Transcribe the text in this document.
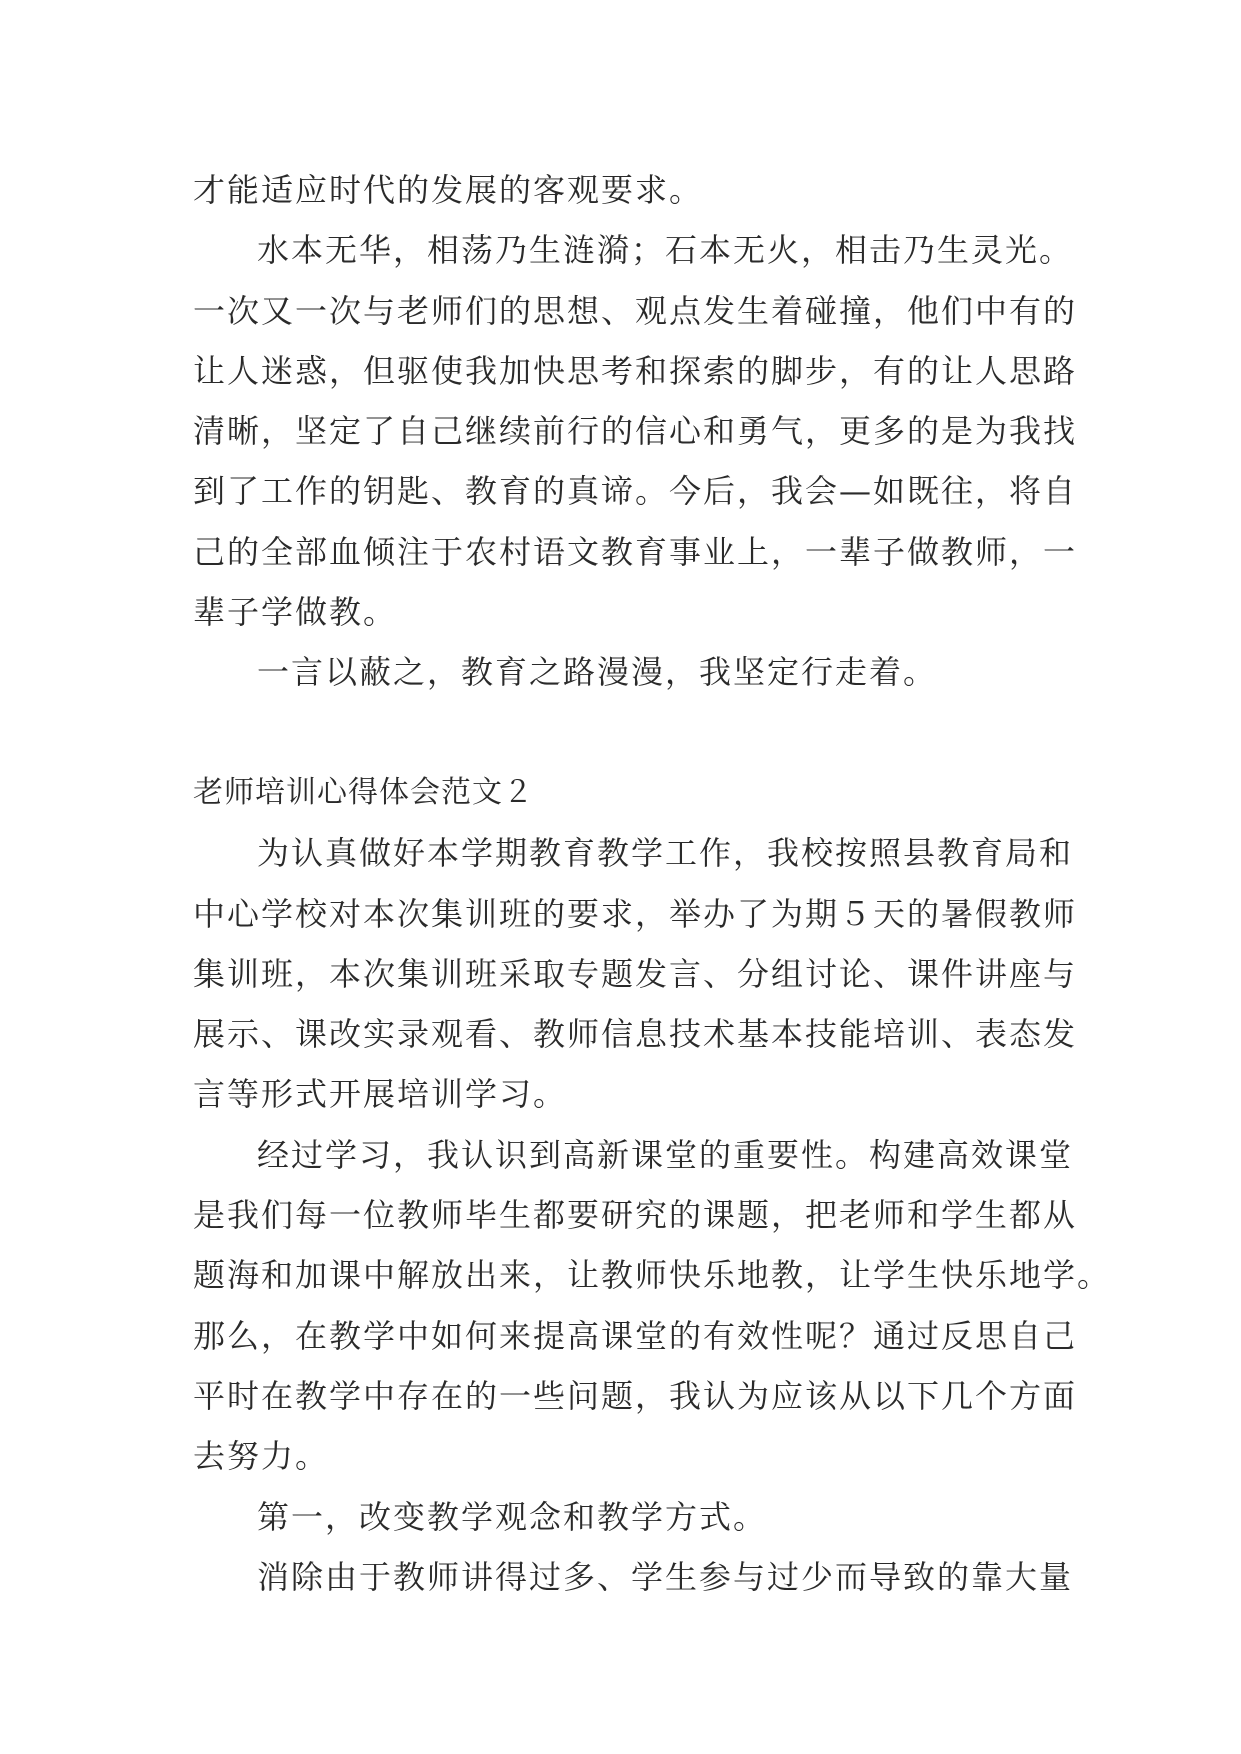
才能适应时代的发展的客观要求。
水本无华，相荡乃生涟漪；石本无火，相击乃生灵光。
一次又一次与老师们的思想、观点发生着碰撞，他们中有的
让人迷惑，但驱使我加快思考和探索的脚步，有的让人思路
清晰，坚定了自己继续前行的信心和勇气，更多的是为我找
到了工作的钥匙、教育的真谛。今后，我会—如既往，将自
己的全部血倾注于农村语文教育事业上，一辈子做教师，一
辈子学做教。
一言以蔽之，教育之路漫漫，我坚定行走着。
老师培训心得体会范文２
为认真做好本学期教育教学工作，我校按照县教育局和
中心学校对本次集训班的要求，举办了为期５天的暑假教师
集训班，本次集训班采取专题发言、分组讨论、课件讲座与
展示、课改实录观看、教师信息技术基本技能培训、表态发
言等形式开展培训学习。
经过学习，我认识到高新课堂的重要性。构建高效课堂
是我们每一位教师毕生都要研究的课题，把老师和学生都从
题海和加课中解放出来，让教师快乐地教，让学生快乐地学。
那么，在教学中如何来提高课堂的有效性呢？通过反思自己
平时在教学中存在的一些问题，我认为应该从以下几个方面
去努力。
第一，改变教学观念和教学方式。
消除由于教师讲得过多、学生参与过少而导致的靠大量
